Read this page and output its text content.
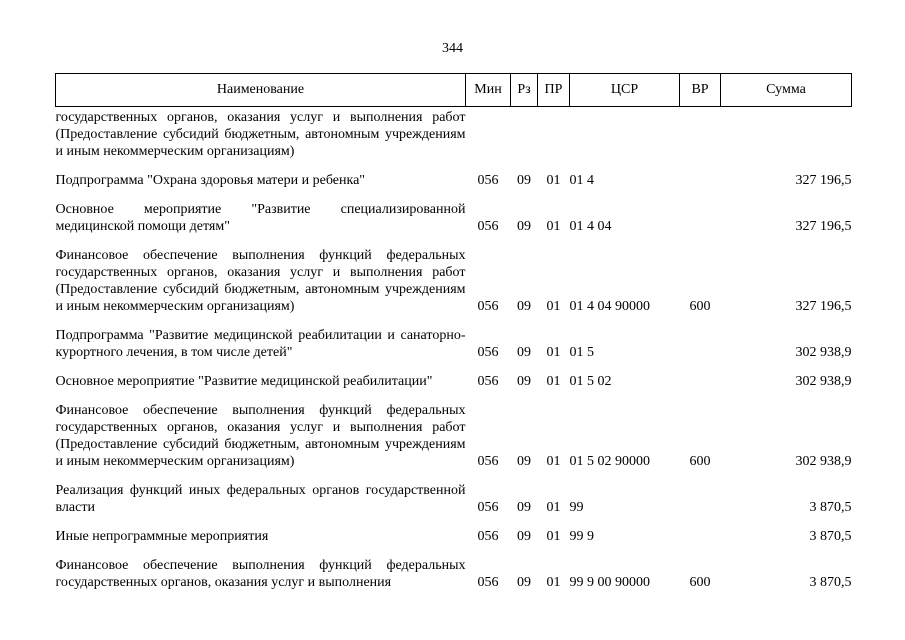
344
Наименование	Мин	Рз	ПР	ЦСР	ВР	Сумма
государственных органов, оказания услуг и выполнения работ (Предоставление субсидий бюджетным, автономным учреждениям и иным некоммерческим организациям)						

Подпрограмма "Охрана здоровья матери и ребенка"	056	09	01	01 4		327 196,5

Основное мероприятие "Развитие специализированной медицинской помощи детям"	056	09	01	01 4 04		327 196,5

Финансовое обеспечение выполнения функций федеральных государственных органов, оказания услуг и выполнения работ (Предоставление субсидий бюджетным, автономным учреждениям и иным некоммерческим организациям)	056	09	01	01 4 04 90000	600	327 196,5

Подпрограмма "Развитие медицинской реабилитации и санаторно-курортного лечения, в том числе детей"	056	09	01	01 5		302 938,9

Основное мероприятие "Развитие медицинской реабилитации"	056	09	01	01 5 02		302 938,9

Финансовое обеспечение выполнения функций федеральных государственных органов, оказания услуг и выполнения работ (Предоставление субсидий бюджетным, автономным учреждениям и иным некоммерческим организациям)	056	09	01	01 5 02 90000	600	302 938,9

Реализация функций иных федеральных органов государственной власти	056	09	01	99		3 870,5

Иные непрограммные мероприятия	056	09	01	99 9		3 870,5

Финансовое обеспечение выполнения функций федеральных государственных органов, оказания услуг и выполнения	056	09	01	99 9 00 90000	600	3 870,5
